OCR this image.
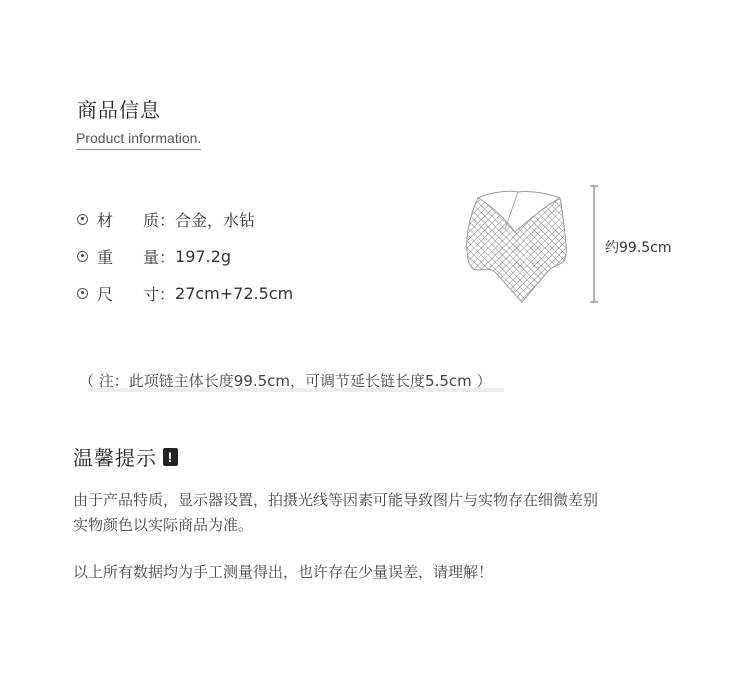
商品信息
Product information.
材	质： 合金，水钻
重	量： 197.2g
尺	寸： 27cm+72.5cm
约99.5cm
（ 注：此项链主体长度99.5cm，可调节延长链长度5.5cm ）
温馨提示 !
由于产品特质，显示器设置，拍摄光线等因素可能导致图片与实物存在细微差别
实物颜色以实际商品为准。
以上所有数据均为手工测量得出，也许存在少量误差，请理解！
